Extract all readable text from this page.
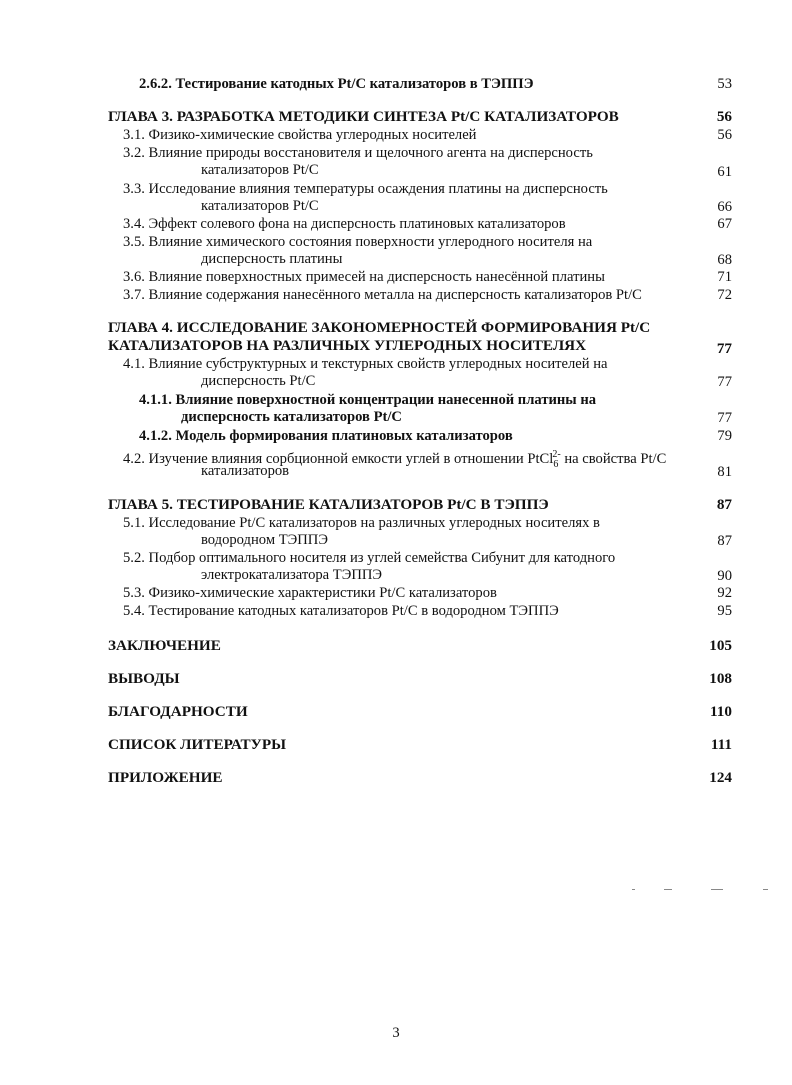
2.6.2. Тестирование катодных Pt/C катализаторов в ТЭППЭ	53
ГЛАВА 3. РАЗРАБОТКА МЕТОДИКИ СИНТЕЗА Pt/C КАТАЛИЗАТОРОВ	56
3.1. Физико-химические свойства углеродных носителей	56
3.2. Влияние природы восстановителя и щелочного агента на дисперсность
катализаторов Pt/C	61
3.3. Исследование влияния температуры осаждения платины на дисперсность
катализаторов Pt/C	66
3.4. Эффект солевого фона на дисперсность платиновых катализаторов	67
3.5. Влияние химического состояния поверхности углеродного носителя на
дисперсность платины	68
3.6. Влияние поверхностных примесей на дисперсность нанесённой платины	71
3.7. Влияние содержания нанесённого металла на дисперсность катализаторов Pt/C	72
ГЛАВА 4. ИССЛЕДОВАНИЕ ЗАКОНОМЕРНОСТЕЙ ФОРМИРОВАНИЯ Pt/C
КАТАЛИЗАТОРОВ НА РАЗЛИЧНЫХ УГЛЕРОДНЫХ НОСИТЕЛЯХ	77
4.1. Влияние субструктурных и текстурных свойств углеродных носителей на
дисперсность Pt/C	77
4.1.1. Влияние поверхностной концентрации нанесенной платины на
дисперсность катализаторов Pt/C	77
4.1.2. Модель формирования платиновых катализаторов	79
4.2. Изучение влияния сорбционной емкости углей в отношении PtCl$_6^{2-}$ на свойства Pt/C
катализаторов	81
ГЛАВА 5. ТЕСТИРОВАНИЕ КАТАЛИЗАТОРОВ Pt/C В ТЭППЭ	87
5.1. Исследование Pt/C катализаторов на различных углеродных носителях в
водородном ТЭППЭ	87
5.2. Подбор оптимального носителя из углей семейства Сибунит для катодного
электрокатализатора ТЭППЭ	90
5.3. Физико-химические характеристики Pt/C катализаторов	92
5.4. Тестирование катодных катализаторов Pt/C в водородном ТЭППЭ	95
ЗАКЛЮЧЕНИЕ	105
ВЫВОДЫ	108
БЛАГОДАРНОСТИ	110
СПИСОК ЛИТЕРАТУРЫ	111
ПРИЛОЖЕНИЕ	124
3
